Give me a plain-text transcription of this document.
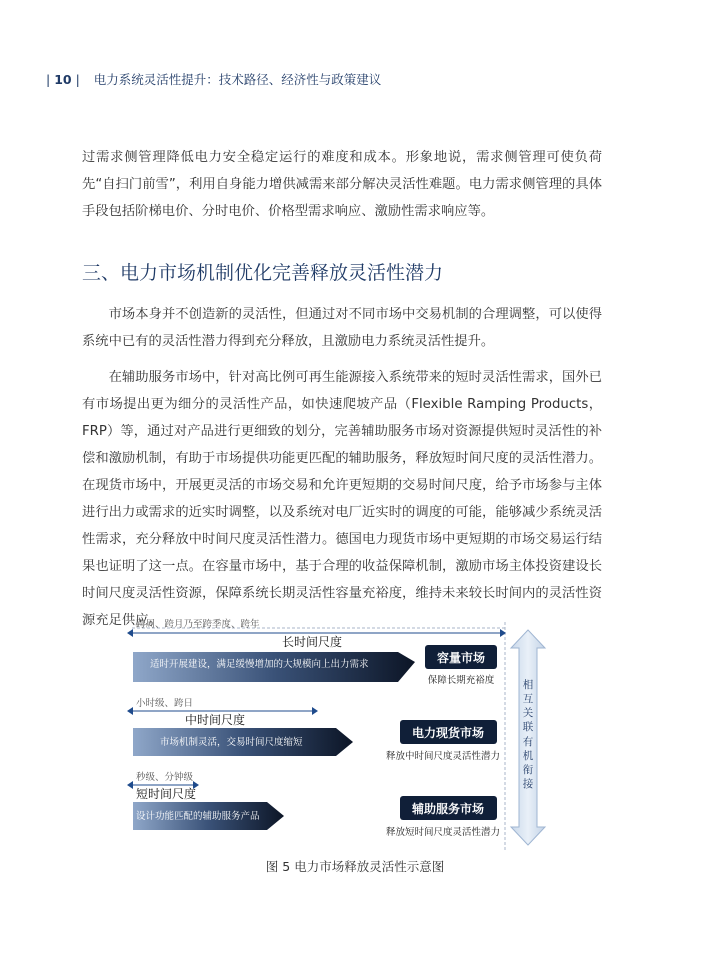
| 10 | 电力系统灵活性提升：技术路径、经济性与政策建议

过需求侧管理降低电力安全稳定运行的难度和成本。形象地说，需求侧管理可使负荷先“自扫门前雪”，利用自身能力增供减需来部分解决灵活性难题。电力需求侧管理的具体手段包括阶梯电价、分时电价、价格型需求响应、激励性需求响应等。

三、电力市场机制优化完善释放灵活性潜力

市场本身并不创造新的灵活性，但通过对不同市场中交易机制的合理调整，可以使得系统中已有的灵活性潜力得到充分释放，且激励电力系统灵活性提升。

在辅助服务市场中，针对高比例可再生能源接入系统带来的短时灵活性需求，国外已有市场提出更为细分的灵活性产品，如快速爬坡产品（Flexible Ramping Products，FRP）等，通过对产品进行更细致的划分，完善辅助服务市场对资源提供短时灵活性的补偿和激励机制，有助于市场提供功能更匹配的辅助服务，释放短时间尺度的灵活性潜力。在现货市场中，开展更灵活的市场交易和允许更短期的交易时间尺度，给予市场参与主体进行出力或需求的近实时调整，以及系统对电厂近实时的调度的可能，能够减少系统灵活性需求，充分释放中时间尺度灵活性潜力。德国电力现货市场中更短期的市场交易运行结果也证明了这一点。在容量市场中，基于合理的收益保障机制，激励市场主体投资建设长时间尺度灵活性资源，保障系统长期灵活性容量充裕度，维持未来较长时间内的灵活性资源充足供应。

跨周、跨月乃至跨季度、跨年
长时间尺度
适时开展建设，满足缓慢增加的大规模向上出力需求	容量市场
保障长期充裕度
小时级、跨日
中时间尺度
市场机制灵活，交易时间尺度缩短
电力现货市场
释放中时间尺度灵活性潜力
秒级、分钟级
短时间尺度
设计功能匹配的辅助服务产品
辅助服务市场
释放短时间尺度灵活性潜力
相互关联
有机衔接
图 5 电力市场释放灵活性示意图
